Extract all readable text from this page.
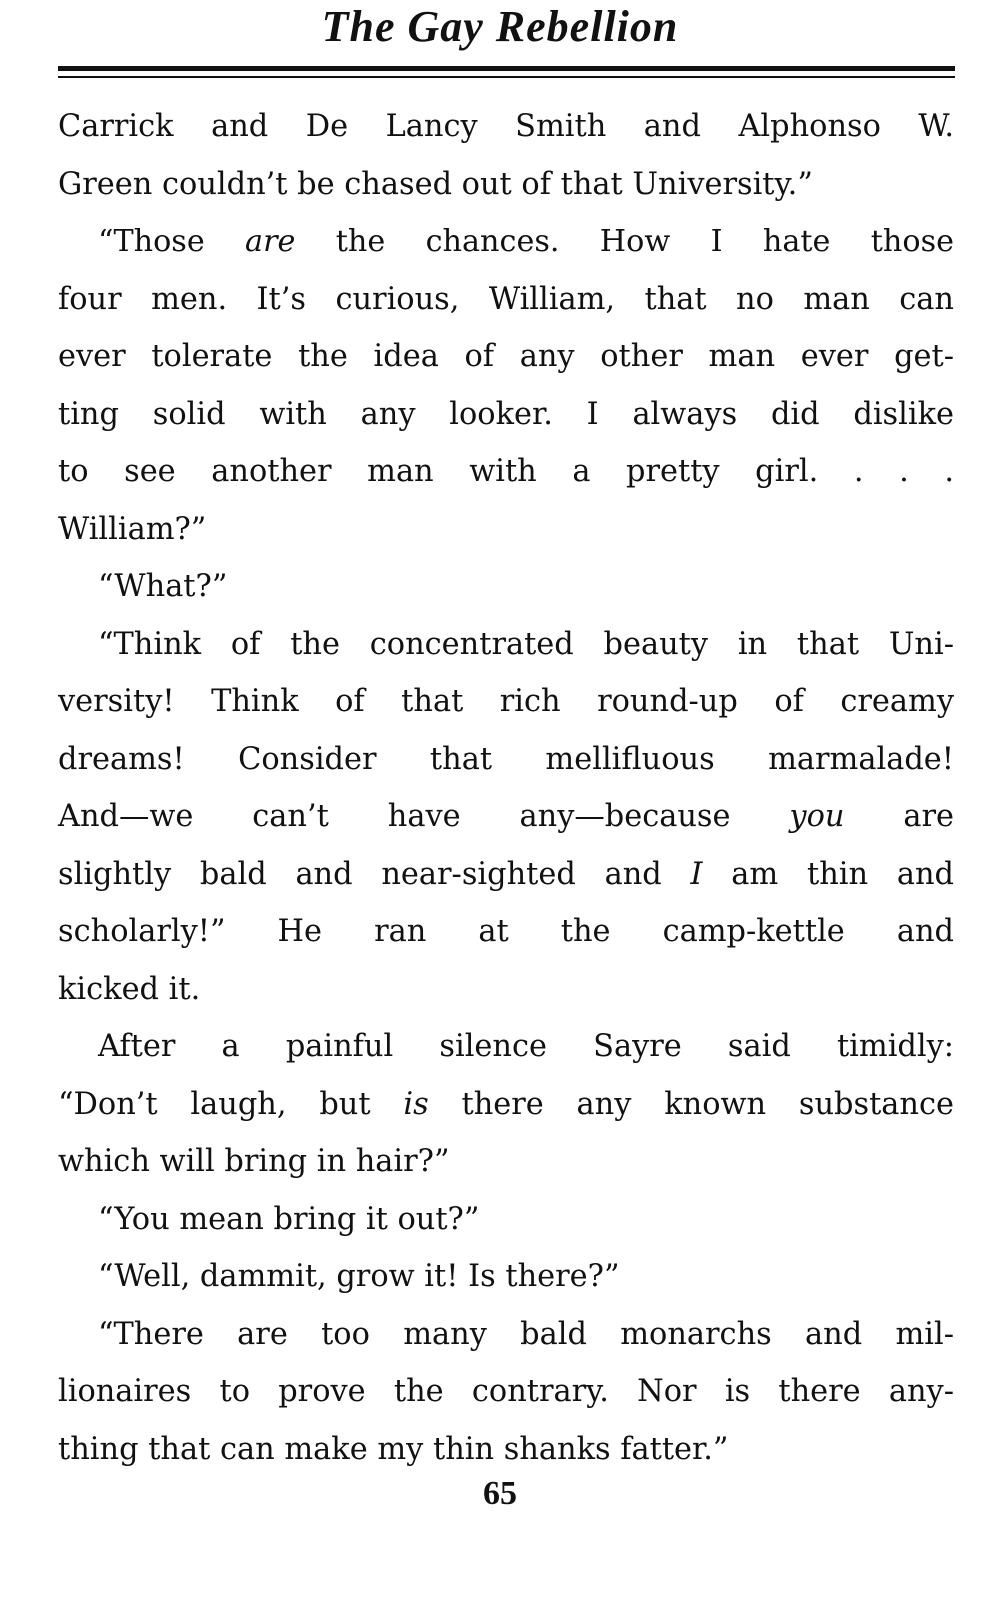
The Gay Rebellion
Carrick and De Lancy Smith and Alphonso W.
Green couldn’t be chased out of that University.”
“Those are the chances. How I hate those
four men. It’s curious, William, that no man can
ever tolerate the idea of any other man ever get-
ting solid with any looker. I always did dislike
to see another man with a pretty girl. . . .
William?”
“What?”
“Think of the concentrated beauty in that Uni-
versity! Think of that rich round-up of creamy
dreams! Consider that mellifluous marmalade!
And—we can’t have any—because you are
slightly bald and near-sighted and I am thin and
scholarly!” He ran at the camp-kettle and
kicked it.
After a painful silence Sayre said timidly:
“Don’t laugh, but is there any known substance
which will bring in hair?”
“You mean bring it out?”
“Well, dammit, grow it! Is there?”
“There are too many bald monarchs and mil-
lionaires to prove the contrary. Nor is there any-
thing that can make my thin shanks fatter.”
65
